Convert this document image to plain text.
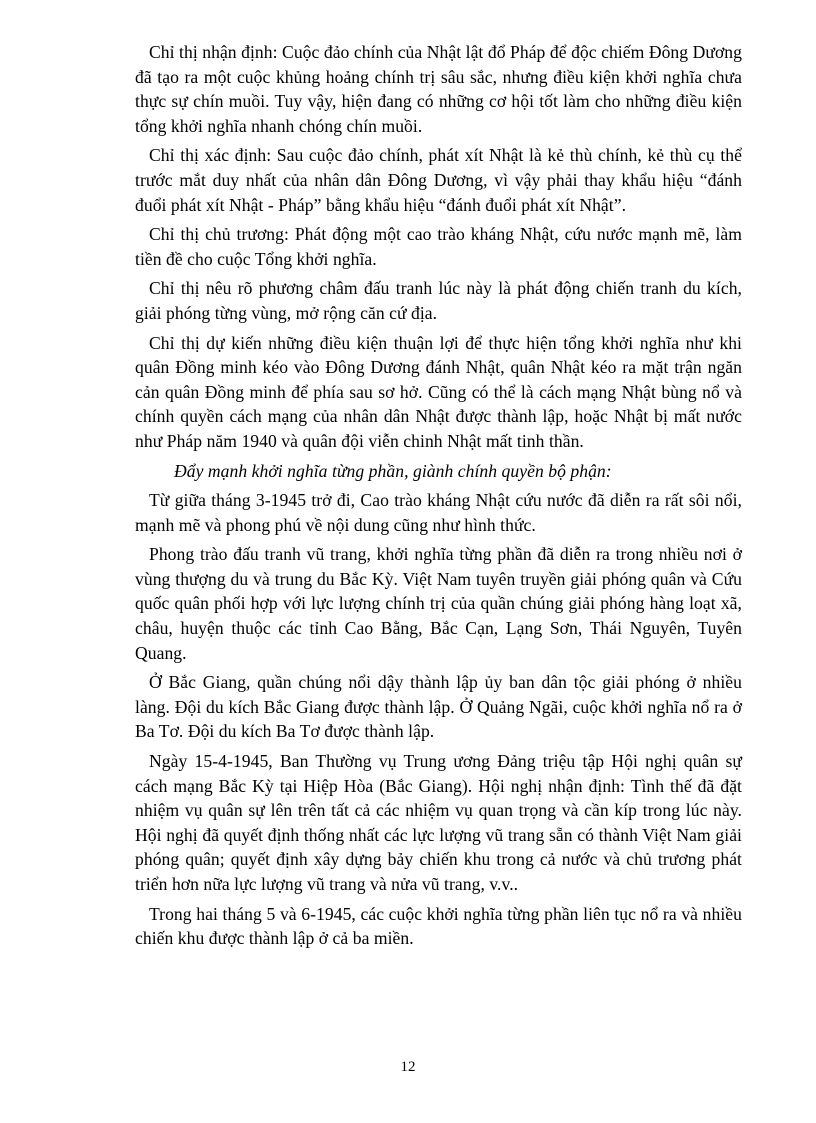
Chỉ thị nhận định: Cuộc đảo chính của Nhật lật đổ Pháp để độc chiếm Đông Dương đã tạo ra một cuộc khủng hoảng chính trị sâu sắc, nhưng điều kiện khởi nghĩa chưa thực sự chín muồi. Tuy vậy, hiện đang có những cơ hội tốt làm cho những điều kiện tổng khởi nghĩa nhanh chóng chín muồi.

Chỉ thị xác định: Sau cuộc đảo chính, phát xít Nhật là kẻ thù chính, kẻ thù cụ thể trước mắt duy nhất của nhân dân Đông Dương, vì vậy phải thay khẩu hiệu “đánh đuổi phát xít Nhật - Pháp” bằng khẩu hiệu “đánh đuổi phát xít Nhật”.

Chỉ thị chủ trương: Phát động một cao trào kháng Nhật, cứu nước mạnh mẽ, làm tiền đề cho cuộc Tổng khởi nghĩa.

Chỉ thị nêu rõ phương châm đấu tranh lúc này là phát động chiến tranh du kích, giải phóng từng vùng, mở rộng căn cứ địa.

Chỉ thị dự kiến những điều kiện thuận lợi để thực hiện tổng khởi nghĩa như khi quân Đồng minh kéo vào Đông Dương đánh Nhật, quân Nhật kéo ra mặt trận ngăn cản quân Đồng minh để phía sau sơ hở. Cũng có thể là cách mạng Nhật bùng nổ và chính quyền cách mạng của nhân dân Nhật được thành lập, hoặc Nhật bị mất nước như Pháp năm 1940 và quân đội viễn chinh Nhật mất tinh thần.

Đẩy mạnh khởi nghĩa từng phần, giành chính quyền bộ phận:

Từ giữa tháng 3-1945 trở đi, Cao trào kháng Nhật cứu nước đã diễn ra rất sôi nổi, mạnh mẽ và phong phú về nội dung cũng như hình thức.

Phong trào đấu tranh vũ trang, khởi nghĩa từng phần đã diễn ra trong nhiều nơi ở vùng thượng du và trung du Bắc Kỳ. Việt Nam tuyên truyền giải phóng quân và Cứu quốc quân phối hợp với lực lượng chính trị của quần chúng giải phóng hàng loạt xã, châu, huyện thuộc các tỉnh Cao Bằng, Bắc Cạn, Lạng Sơn, Thái Nguyên, Tuyên Quang.

Ở Bắc Giang, quần chúng nổi dậy thành lập ủy ban dân tộc giải phóng ở nhiều làng. Đội du kích Bắc Giang được thành lập. Ở Quảng Ngãi, cuộc khởi nghĩa nổ ra ở Ba Tơ. Đội du kích Ba Tơ được thành lập.

Ngày 15-4-1945, Ban Thường vụ Trung ương Đảng triệu tập Hội nghị quân sự cách mạng Bắc Kỳ tại Hiệp Hòa (Bắc Giang). Hội nghị nhận định: Tình thế đã đặt nhiệm vụ quân sự lên trên tất cả các nhiệm vụ quan trọng và cần kíp trong lúc này. Hội nghị đã quyết định thống nhất các lực lượng vũ trang sẵn có thành Việt Nam giải phóng quân; quyết định xây dựng bảy chiến khu trong cả nước và chủ trương phát triển hơn nữa lực lượng vũ trang và nửa vũ trang, v.v..

Trong hai tháng 5 và 6-1945, các cuộc khởi nghĩa từng phần liên tục nổ ra và nhiều chiến khu được thành lập ở cả ba miền.

12
